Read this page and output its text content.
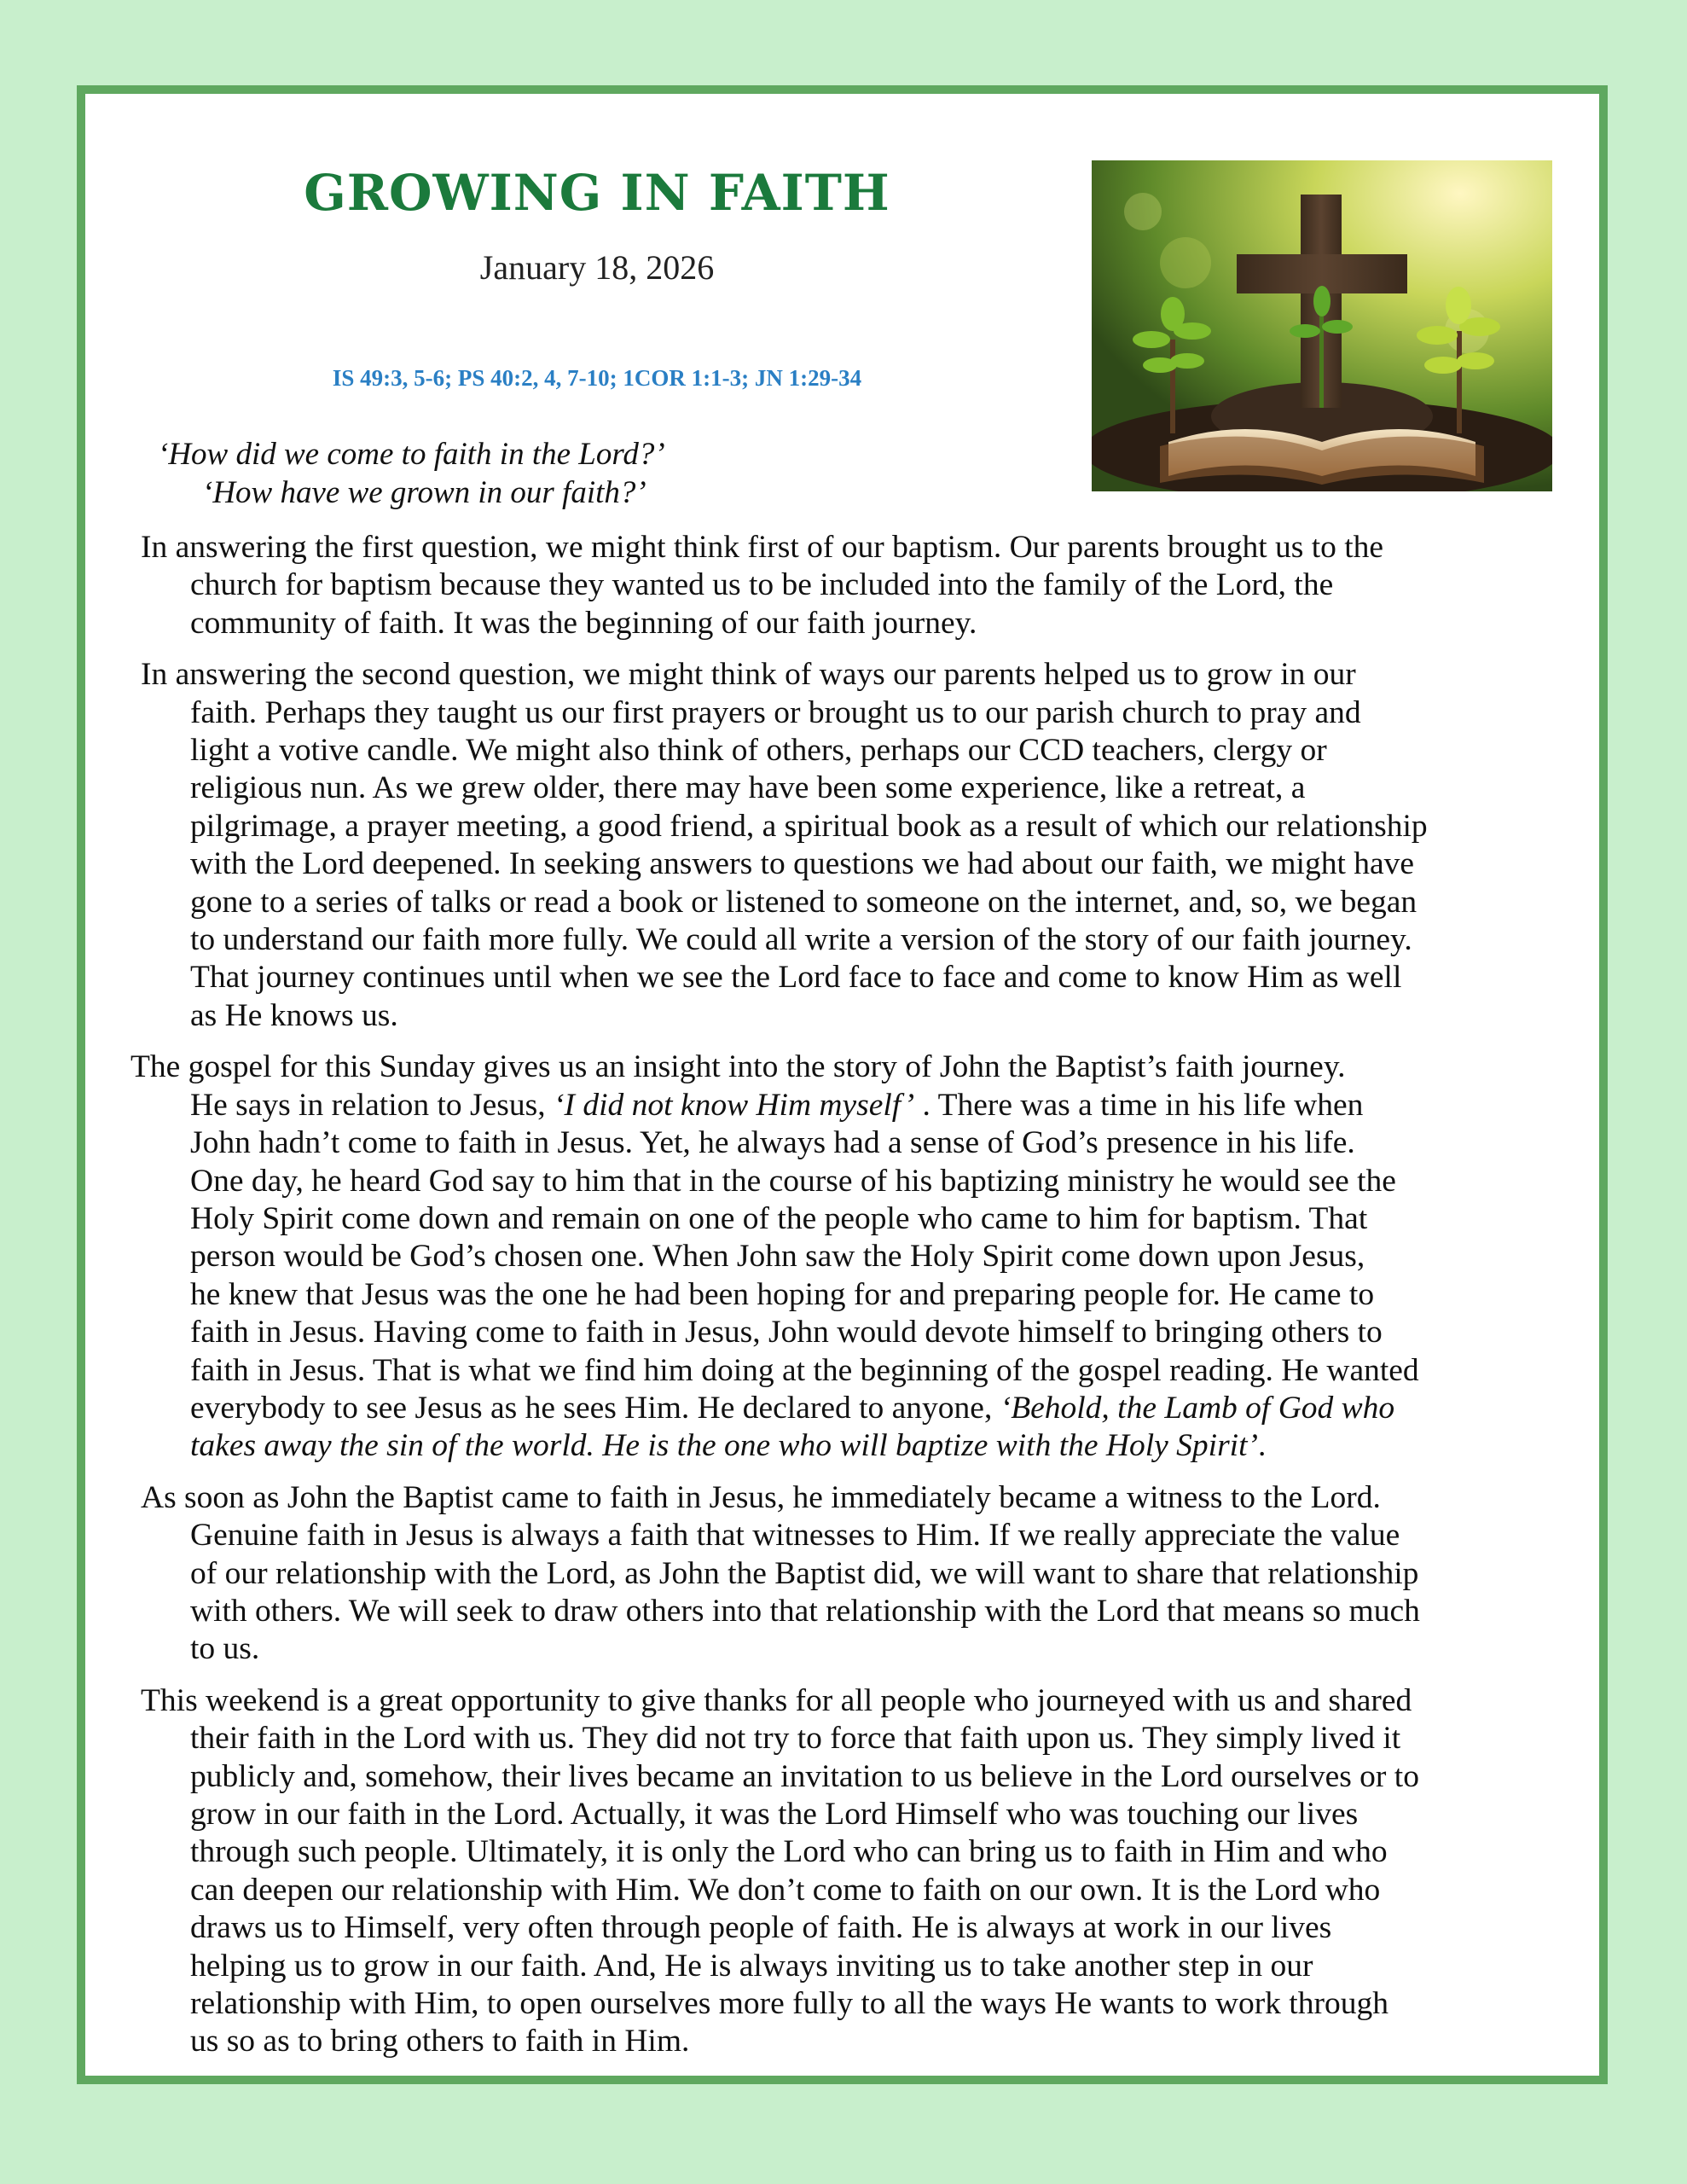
GROWING IN FAITH
January 18, 2026
IS 49:3, 5-6; PS 40:2, 4, 7-10; 1COR 1:1-3; JN 1:29-34
‘How did we come to faith in the Lord?’
‘How have we grown in our faith?’

In answering the first question, we might think first of our baptism. Our parents brought us to the
church for baptism because they wanted us to be included into the family of the Lord, the
community of faith. It was the beginning of our faith journey.

In answering the second question, we might think of ways our parents helped us to grow in our
faith. Perhaps they taught us our first prayers or brought us to our parish church to pray and
light a votive candle. We might also think of others, perhaps our CCD teachers, clergy or
religious nun. As we grew older, there may have been some experience, like a retreat, a
pilgrimage, a prayer meeting, a good friend, a spiritual book as a result of which our relationship
with the Lord deepened. In seeking answers to questions we had about our faith, we might have
gone to a series of talks or read a book or listened to someone on the internet, and, so, we began
to understand our faith more fully. We could all write a version of the story of our faith journey.
That journey continues until when we see the Lord face to face and come to know Him as well
as He knows us.

The gospel for this Sunday gives us an insight into the story of John the Baptist’s faith journey.
He says in relation to Jesus, ‘I did not know Him myself’ . There was a time in his life when
John hadn’t come to faith in Jesus. Yet, he always had a sense of God’s presence in his life.
One day, he heard God say to him that in the course of his baptizing ministry he would see the
Holy Spirit come down and remain on one of the people who came to him for baptism. That
person would be God’s chosen one. When John saw the Holy Spirit come down upon Jesus,
he knew that Jesus was the one he had been hoping for and preparing people for. He came to
faith in Jesus. Having come to faith in Jesus, John would devote himself to bringing others to
faith in Jesus. That is what we find him doing at the beginning of the gospel reading. He wanted
everybody to see Jesus as he sees Him. He declared to anyone, ‘Behold, the Lamb of God who
takes away the sin of the world. He is the one who will baptize with the Holy Spirit’.

As soon as John the Baptist came to faith in Jesus, he immediately became a witness to the Lord.
Genuine faith in Jesus is always a faith that witnesses to Him. If we really appreciate the value
of our relationship with the Lord, as John the Baptist did, we will want to share that relationship
with others. We will seek to draw others into that relationship with the Lord that means so much
to us.

This weekend is a great opportunity to give thanks for all people who journeyed with us and shared
their faith in the Lord with us. They did not try to force that faith upon us. They simply lived it
publicly and, somehow, their lives became an invitation to us believe in the Lord ourselves or to
grow in our faith in the Lord. Actually, it was the Lord Himself who was touching our lives
through such people. Ultimately, it is only the Lord who can bring us to faith in Him and who
can deepen our relationship with Him. We don’t come to faith on our own. It is the Lord who
draws us to Himself, very often through people of faith. He is always at work in our lives
helping us to grow in our faith. And, He is always inviting us to take another step in our
relationship with Him, to open ourselves more fully to all the ways He wants to work through
us so as to bring others to faith in Him.
